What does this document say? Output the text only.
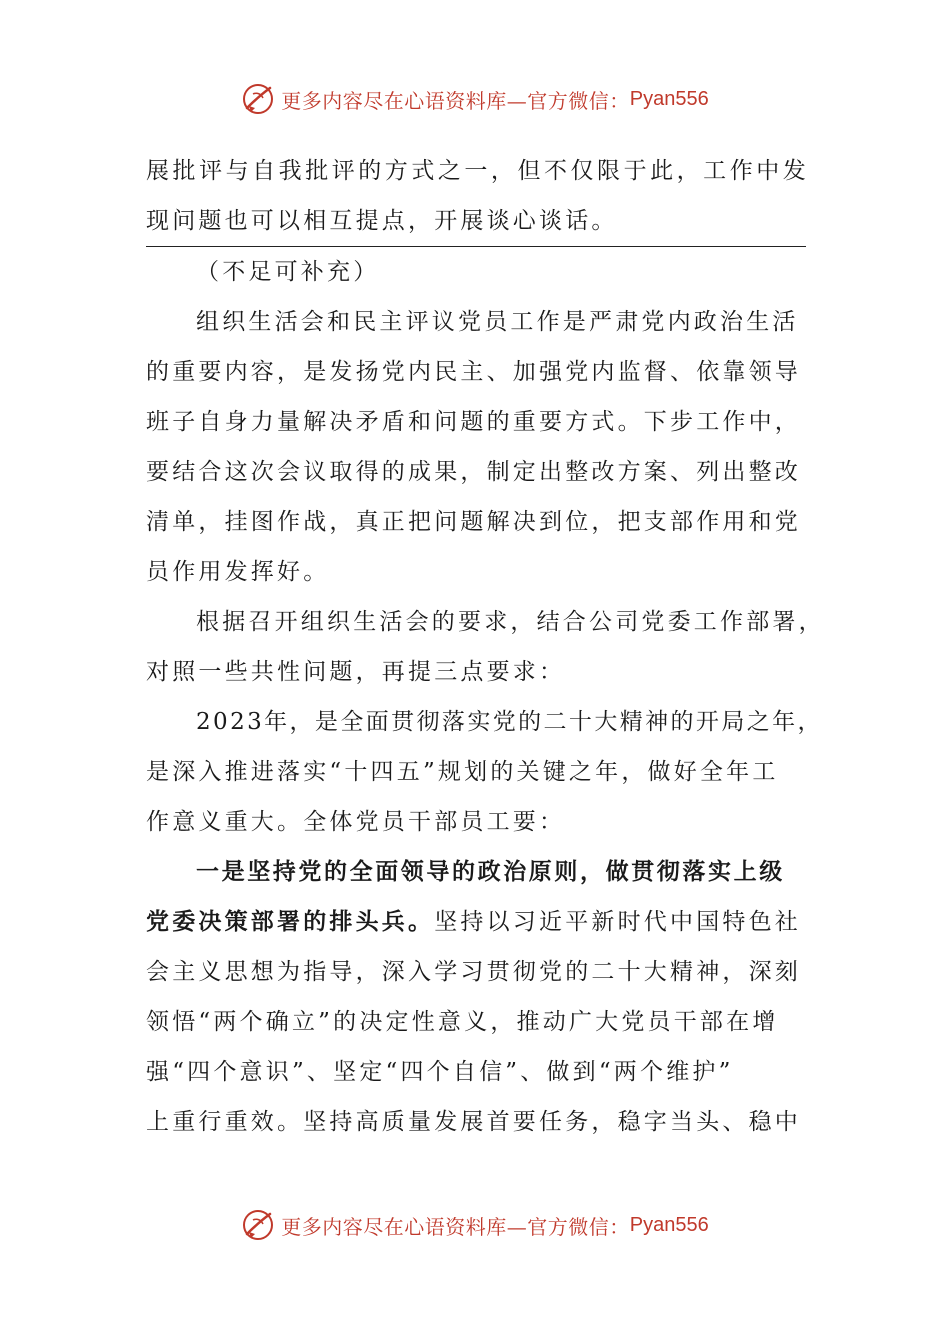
更多内容尽在心语资料库—官方微信： Pyan556
展 批 评 与 自 我 批 评 的 方 式 之 一 ， 但 不 仅 限 于 此 ， 工 作 中 发
现问题也可以相互提点，开展谈心谈话。
（不足可补充）
组织生活会和民主评议党员工作是严肃党内政治生活
的重要内容，是发扬党内民主、加强党内监督、依靠领导
班子自身力量解决矛盾和问题的重要方式。下步工作中，
要结合这次会议取得的成果，制定出整改方案、列出整改
清单，挂图作战，真正把问题解决到位，把支部作用和党
员作用发挥好。
根据召开组织生活会的要求，结合公司党委工作部署，
对照一些共性问题，再提三点要求：
2023年，是全面贯彻落实党的二十大精神的开局之年，
是深入推进落实“十四五”规划的关键之年，做好全年工
作意义重大。全体党员干部员工要：
一是坚持党的全面领导的政治原则，做贯彻落实上级
党委决策部署的排头兵。坚持以习近平新时代中国特色社
会主义思想为指导，深入学习贯彻党的二十大精神，深刻
领悟“两个确立”的决定性意义，推动广大党员干部在增
强“四个意识”、坚定“四个自信”、做到“两个维护”
上重行重效。坚持高质量发展首要任务，稳字当头、稳中
更多内容尽在心语资料库—官方微信： Pyan556
